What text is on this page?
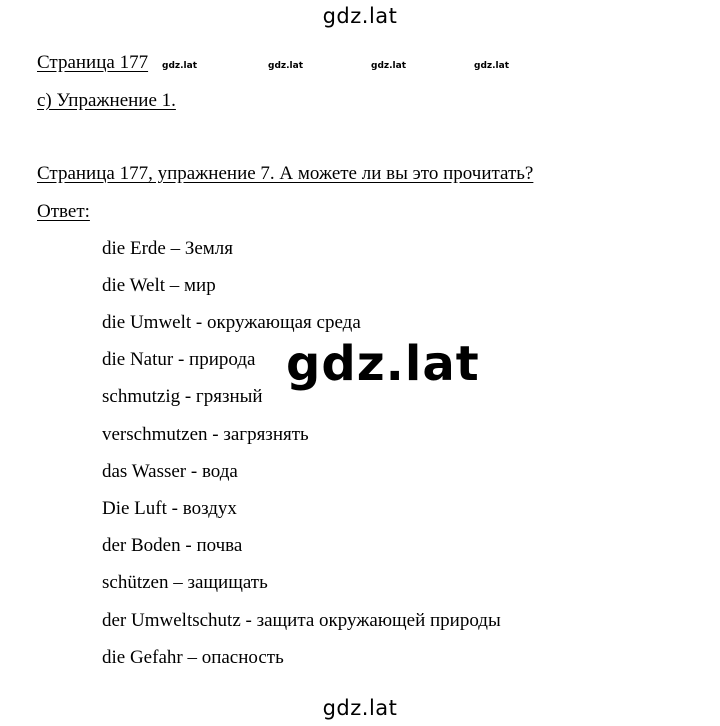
gdz.lat
Страница 177 gdz.lat	gdz.lat	gdz.lat	gdz.lat
с) Упражнение 1.
Страница 177, упражнение 7. А можете ли вы это прочитать?
Ответ:
die Erde – Земля
die Welt – мир
die Umwelt - окружающая среда
die Natur - природа
schmutzig - грязный
verschmutzen - загрязнять
das Wasser - вода
Die Luft - воздух
der Boden - почва
schützen – защищать
der Umweltschutz - защита окружающей природы
die Gefahr – опасность
gdz.lat
gdz.lat
